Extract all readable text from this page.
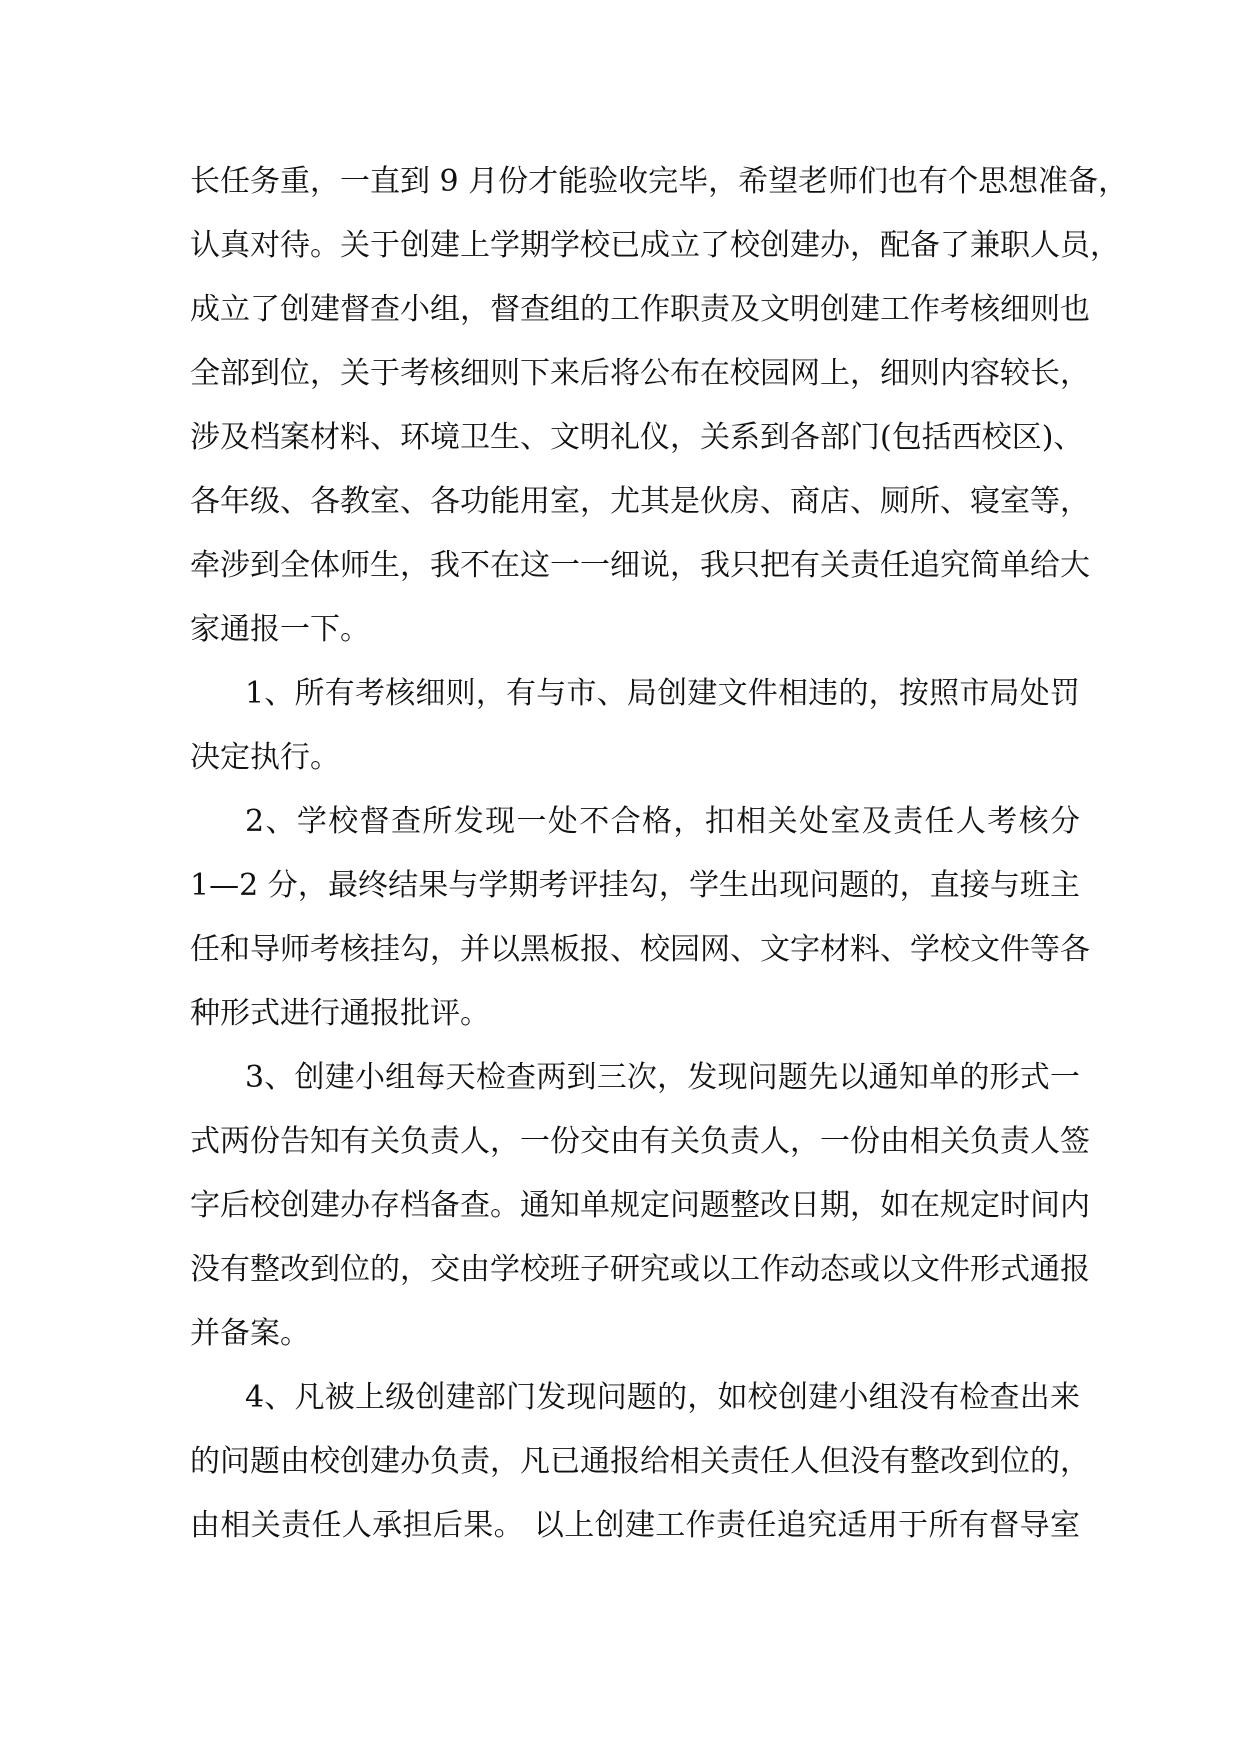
长任务重，一直到 9 月份才能验收完毕，希望老师们也有个思想准备，
认真对待。关于创建上学期学校已成立了校创建办，配备了兼职人员，
成立了创建督查小组，督查组的工作职责及文明创建工作考核细则也
全部到位，关于考核细则下来后将公布在校园网上，细则内容较长，
涉及档案材料、环境卫生、文明礼仪，关系到各部门(包括西校区)、
各年级、各教室、各功能用室，尤其是伙房、商店、厕所、寝室等，
牵涉到全体师生，我不在这一一细说，我只把有关责任追究简单给大
家通报一下。
1、所有考核细则，有与市、局创建文件相违的，按照市局处罚
决定执行。
2、学校督查所发现一处不合格，扣相关处室及责任人考核分
1—2 分，最终结果与学期考评挂勾，学生出现问题的，直接与班主
任和导师考核挂勾，并以黑板报、校园网、文字材料、学校文件等各
种形式进行通报批评。
3、创建小组每天检查两到三次，发现问题先以通知单的形式一
式两份告知有关负责人，一份交由有关负责人，一份由相关负责人签
字后校创建办存档备查。通知单规定问题整改日期，如在规定时间内
没有整改到位的，交由学校班子研究或以工作动态或以文件形式通报
并备案。
4、凡被上级创建部门发现问题的，如校创建小组没有检查出来
的问题由校创建办负责，凡已通报给相关责任人但没有整改到位的，
由相关责任人承担后果。 以上创建工作责任追究适用于所有督导室
